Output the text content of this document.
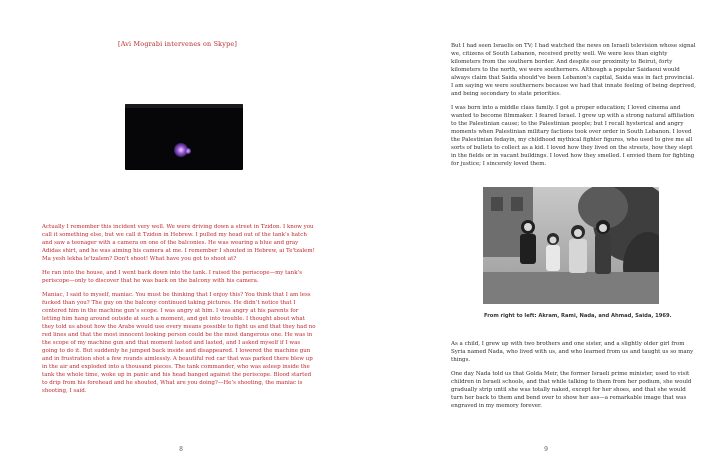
[Avi Mograbi intervenes on Skype]

Actually I remember this incident very well. We were driving down a street in Tzidon. I know you call it something else, but we call it Tzidon in Hebrew. I pulled my head out of the tank’s hatch and saw a teenager with a camera on one of the balconies. He was wearing a blue and gray Adidas shirt, and he was aiming his camera at me. I remember I shouted in Hebrew, ai Te'tzalem! Ma yesh lekha le'tzalem? Don't shoot! What have you got to shoot at?

He ran into the house, and I went back down into the tank. I raised the periscope—my tank’s periscope—only to discover that he was back on the balcony with his camera.

Maniac, I said to myself, maniac. You must be thinking that I enjoy this? You think that I am less fucked than you? The guy on the balcony continued taking pictures. He didn’t notice that I centered him in the machine gun’s scope. I was angry at him. I was angry at his parents for letting him hang around outside at such a moment, and get into trouble. I thought about what they told us about how the Arabs would use every means possible to fight us and that they had no red lines and that the most innocent looking person could be the most dangerous one. He was in the scope of my machine gun and that moment lasted and lasted, and I asked myself if I was going to do it. But suddenly he jumped back inside and disappeared. I lowered the machine gun and in frustration shot a few rounds aimlessly. A beautiful red car that was parked there blew up in the air and exploded into a thousand pieces. The tank commander, who was asleep inside the tank the whole time, woke up in panic and his head banged against the periscope. Blood started to drip from his forehead and he shouted, What are you doing?—He’s shooting, the maniac is shooting, I said.

8

But I had seen Israelis on TV; I had watched the news on Israeli television whose signal we, citizens of South Lebanon, received pretty well. We were less than eighty kilometers from the southern border. And despite our proximity to Beirut, forty kilometers to the north, we were southerners. Although a popular Saidaoui would always claim that Saida should’ve been Lebanon’s capital, Saida was in fact provincial. I am saying we were southerners because we had that innate feeling of being deprived, and being secondary to state priorities.

I was born into a middle class family. I got a proper education; I loved cinema and wanted to become filmmaker. I feared Israel. I grew up with a strong natural affiliation to the Palestinian cause; to the Palestinian people; but I recall hysterical and angry moments when Palestinian military factions took over order in South Lebanon. I loved the Palestinian fedayin, my childhood mythical fighter figures, who used to give me all sorts of bullets to collect as a kid. I loved how they lived on the streets, how they slept in the fields or in vacant buildings. I loved how they smelled. I envied them for fighting for justice; I sincerely loved them.

From right to left: Akram, Rami, Nada, and Ahmad, Saida, 1969.

As a child, I grew up with two brothers and one sister, and a slightly older girl from Syria named Nada, who lived with us, and who learned from us and taught us so many things.

One day Nada told us that Golda Meir, the former Israeli prime minister, used to visit children in Israeli schools, and that while talking to them from her podium, she would gradually strip until she was totally naked, except for her shoes, and that she would turn her back to them and bend over to show her ass—a remarkable image that was engraved in my memory forever.

9
